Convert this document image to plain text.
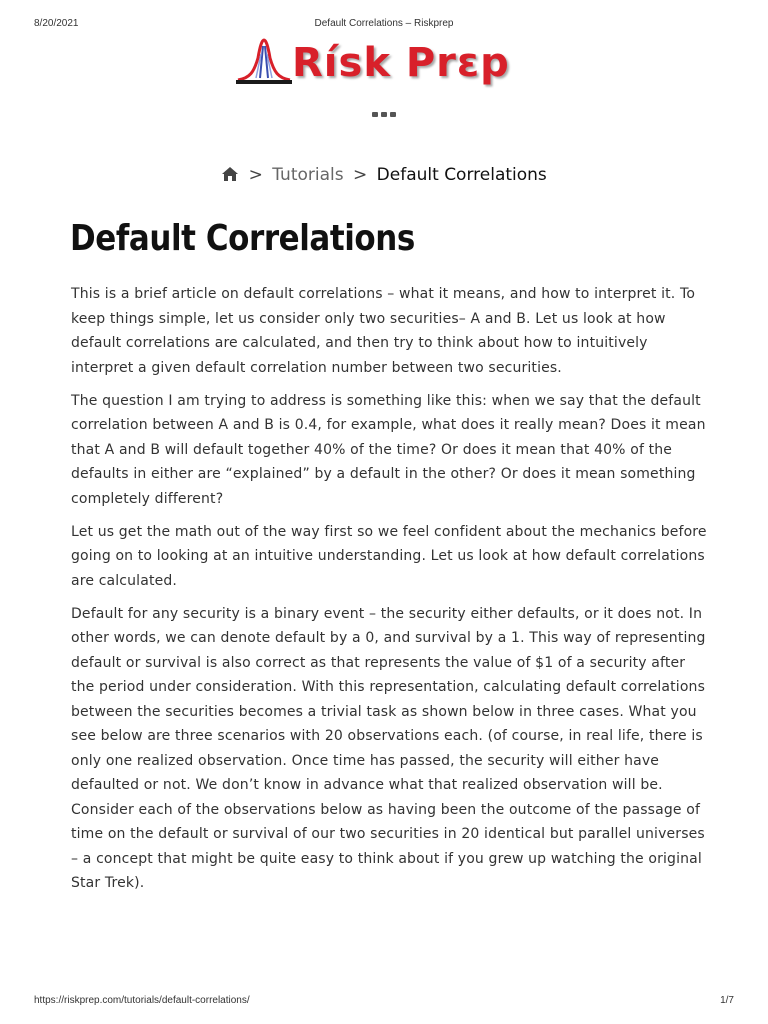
8/20/2021	Default Correlations – Riskprep
Rísk Prεp
> Tutorials > Default Correlations
Default Correlations

This is a brief article on default correlations – what it means, and how to interpret it. To keep things simple, let us consider only two securities– A and B. Let us look at how default correlations are calculated, and then try to think about how to intuitively interpret a given default correlation number between two securities.

The question I am trying to address is something like this: when we say that the default correlation between A and B is 0.4, for example, what does it really mean? Does it mean that A and B will default together 40% of the time? Or does it mean that 40% of the defaults in either are “explained” by a default in the other? Or does it mean something completely different?

Let us get the math out of the way first so we feel confident about the mechanics before going on to looking at an intuitive understanding. Let us look at how default correlations are calculated.

Default for any security is a binary event – the security either defaults, or it does not. In other words, we can denote default by a 0, and survival by a 1. This way of representing default or survival is also correct as that represents the value of $1 of a security after the period under consideration. With this representation, calculating default correlations between the securities becomes a trivial task as shown below in three cases. What you see below are three scenarios with 20 observations each. (of course, in real life, there is only one realized observation. Once time has passed, the security will either have defaulted or not. We don’t know in advance what that realized observation will be. Consider each of the observations below as having been the outcome of the passage of time on the default or survival of our two securities in 20 identical but parallel universes – a concept that might be quite easy to think about if you grew up watching the original Star Trek).

https://riskprep.com/tutorials/default-correlations/	1/7
